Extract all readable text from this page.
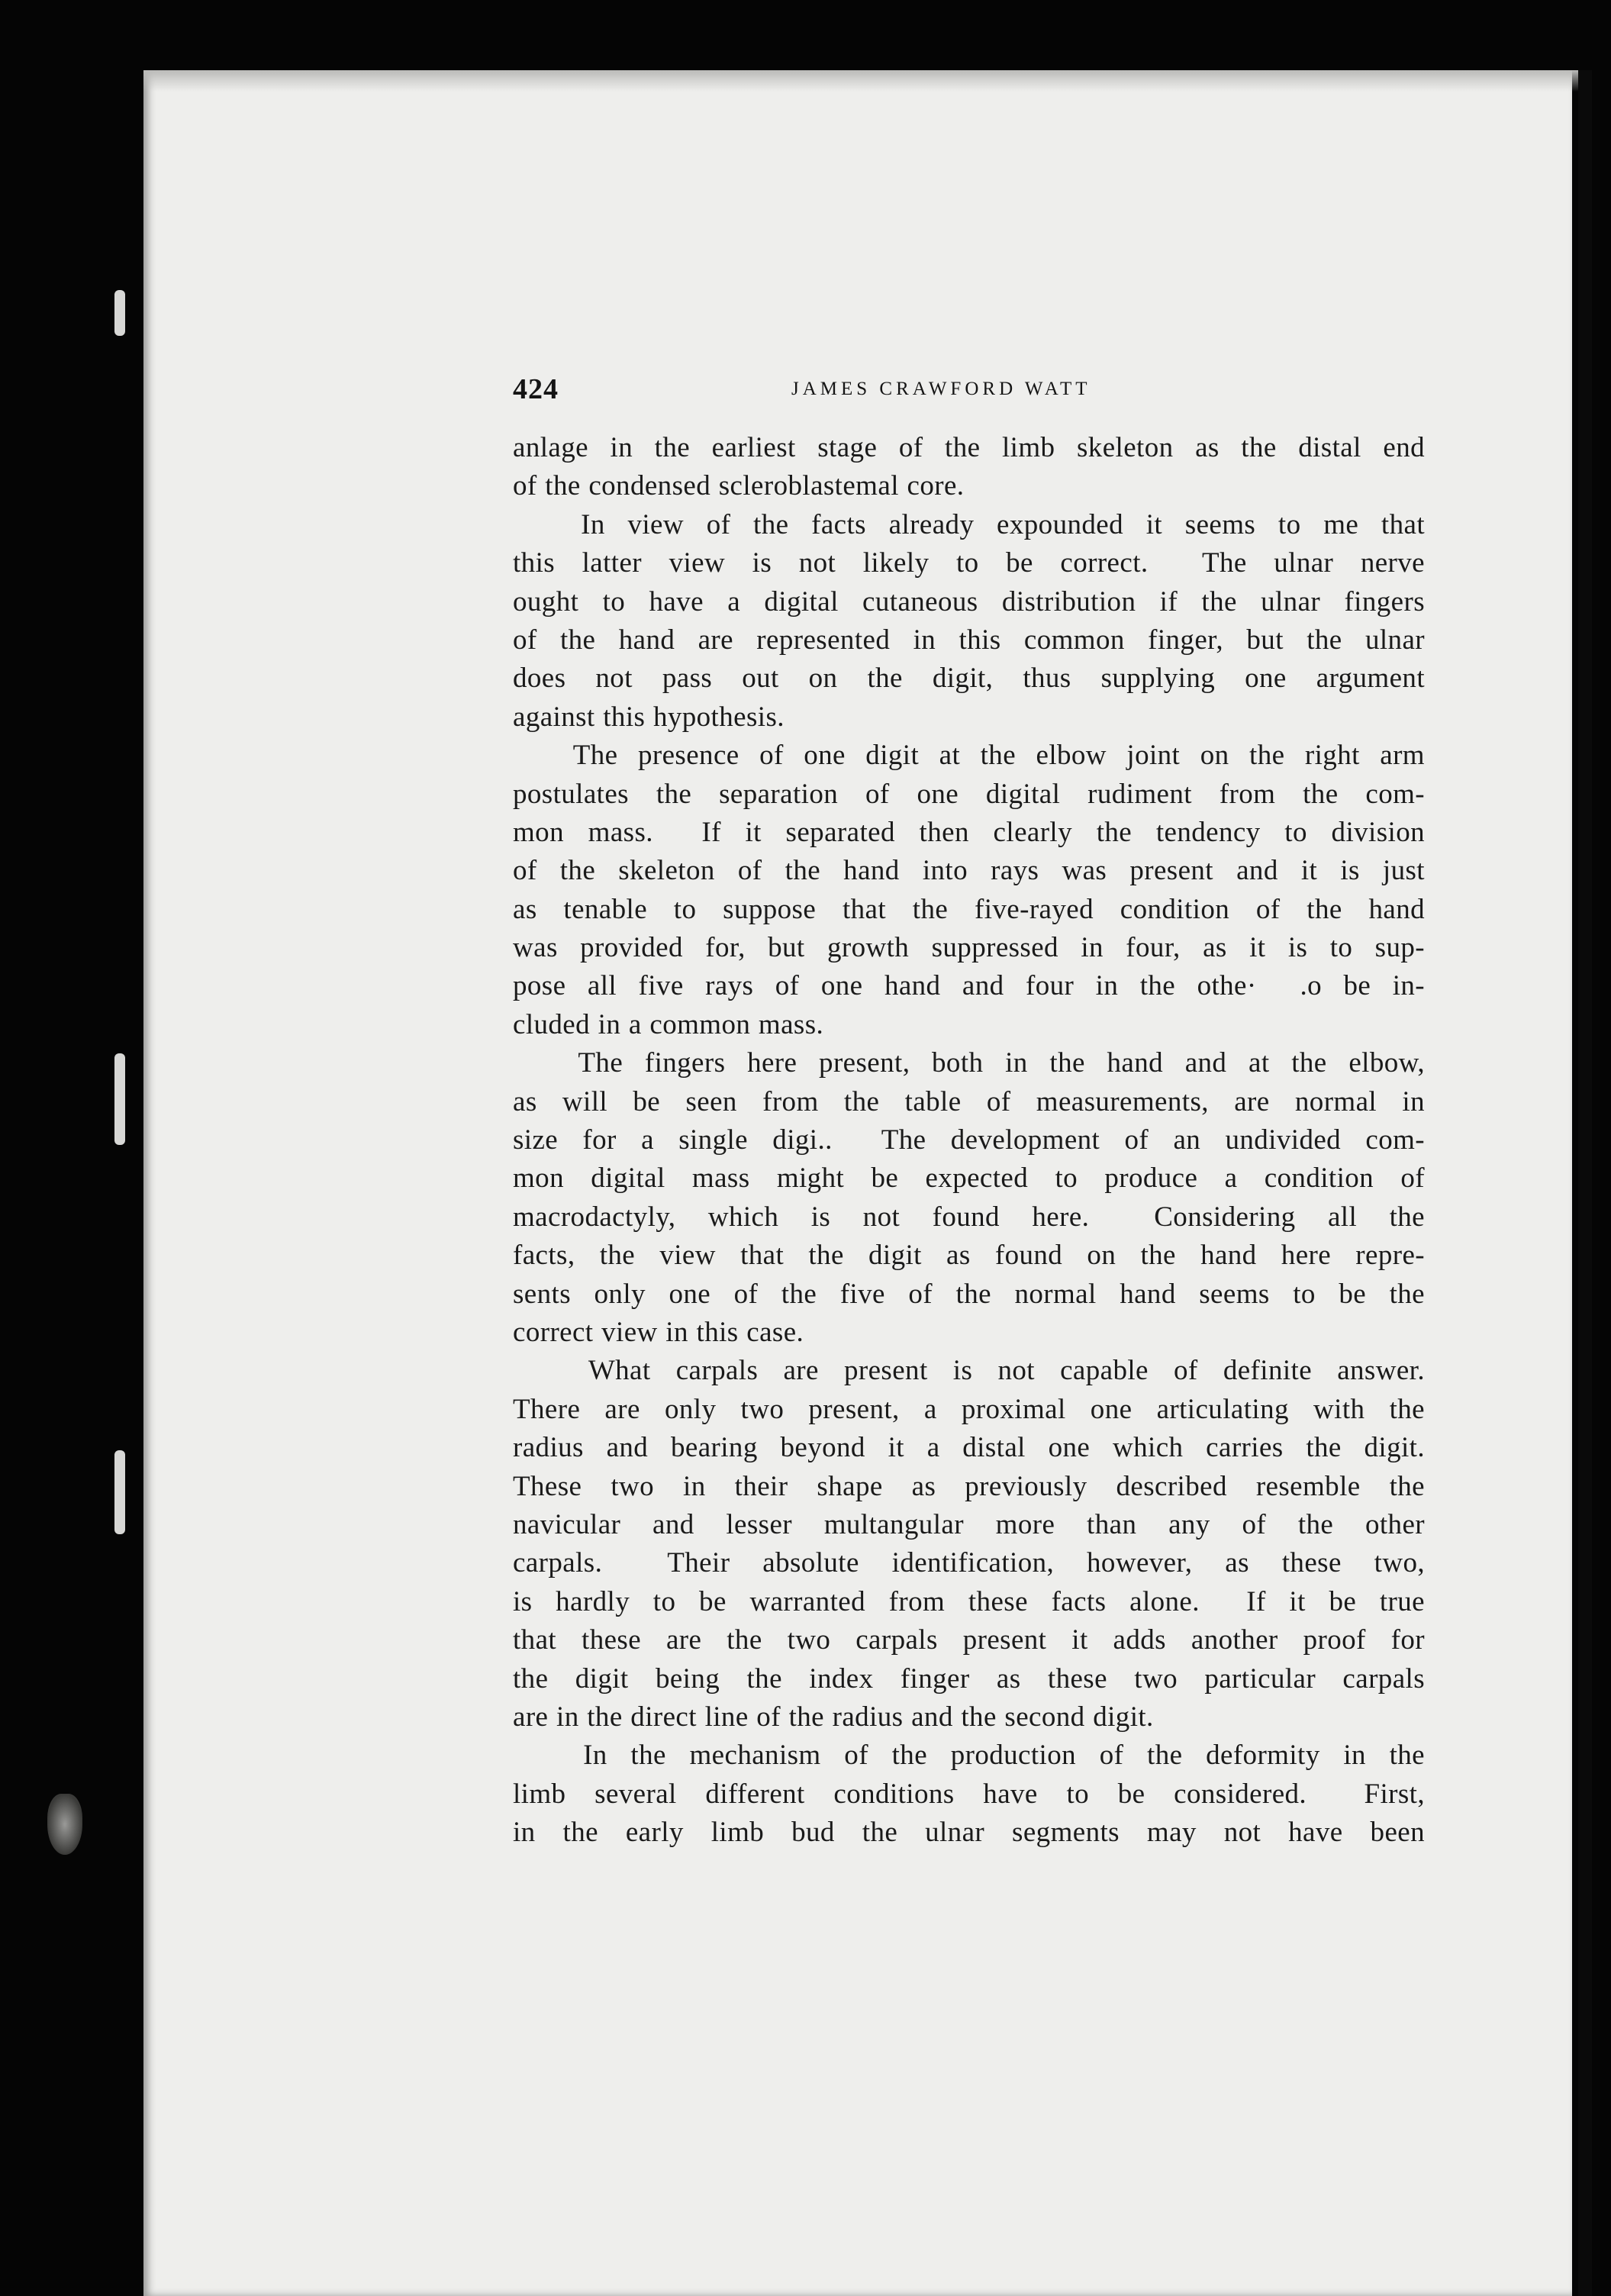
424	JAMES CRAWFORD WATT
anlage in the earliest stage of the limb skeleton as the distal end
of the condensed scleroblastemal core.
In view of the facts already expounded it seems to me that
this latter view is not likely to be correct.  The ulnar nerve
ought to have a digital cutaneous distribution if the ulnar fingers
of the hand are represented in this common finger, but the ulnar
does not pass out on the digit, thus supplying one argument
against this hypothesis.
The presence of one digit at the elbow joint on the right arm
postulates the separation of one digital rudiment from the com-
mon mass.  If it separated then clearly the tendency to division
of the skeleton of the hand into rays was present and it is just
as tenable to suppose that the five-rayed condition of the hand
was provided for, but growth suppressed in four, as it is to sup-
pose all five rays of one hand and four in the othe·  .o be in-
cluded in a common mass.
The fingers here present, both in the hand and at the elbow,
as will be seen from the table of measurements, are normal in
size for a single digi..  The development of an undivided com-
mon digital mass might be expected to produce a condition of
macrodactyly, which is not found here.  Considering all the
facts, the view that the digit as found on the hand here repre-
sents only one of the five of the normal hand seems to be the
correct view in this case.
What carpals are present is not capable of definite answer.
There are only two present, a proximal one articulating with the
radius and bearing beyond it a distal one which carries the digit.
These two in their shape as previously described resemble the
navicular and lesser multangular more than any of the other
carpals.  Their absolute identification, however, as these two,
is hardly to be warranted from these facts alone.  If it be true
that these are the two carpals present it adds another proof for
the digit being the index finger as these two particular carpals
are in the direct line of the radius and the second digit.
In the mechanism of the production of the deformity in the
limb several different conditions have to be considered.  First,
in the early limb bud the ulnar segments may not have been
